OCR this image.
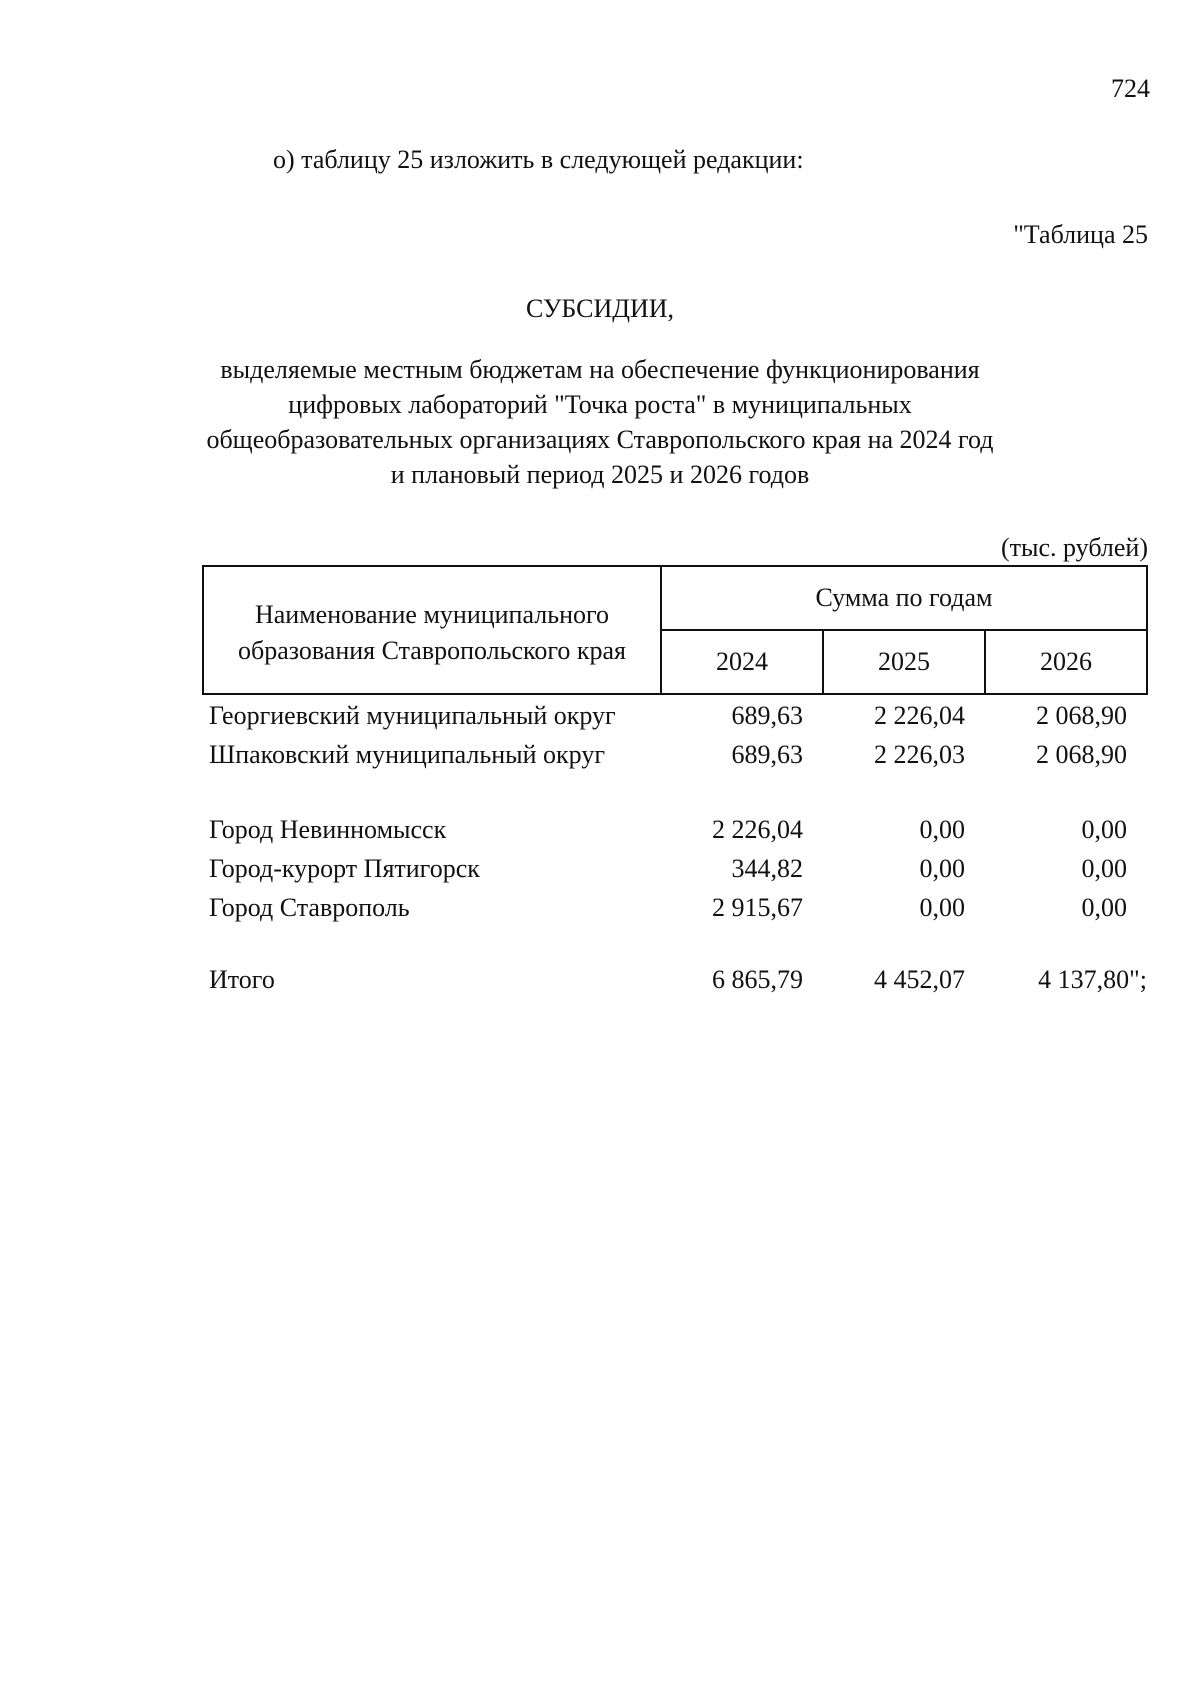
724
о) таблицу 25 изложить в следующей редакции:
"Таблица 25
СУБСИДИИ,
выделяемые местным бюджетам на обеспечение функционирования
цифровых лабораторий "Точка роста" в муниципальных
общеобразовательных организациях Ставропольского края на 2024 год
и плановый период 2025 и 2026 годов
(тыс. рублей)
Наименование муниципального образования Ставропольского края	Сумма по годам		
	2024	2025	2026
Георгиевский муниципальный округ	689,63	2 226,04	2 068,90
Шпаковский муниципальный округ	689,63	2 226,03	2 068,90
Город Невинномысск	2 226,04	0,00	0,00
Город-курорт Пятигорск	344,82	0,00	0,00
Город Ставрополь	2 915,67	0,00	0,00
Итого	6 865,79	4 452,07	4 137,80";
